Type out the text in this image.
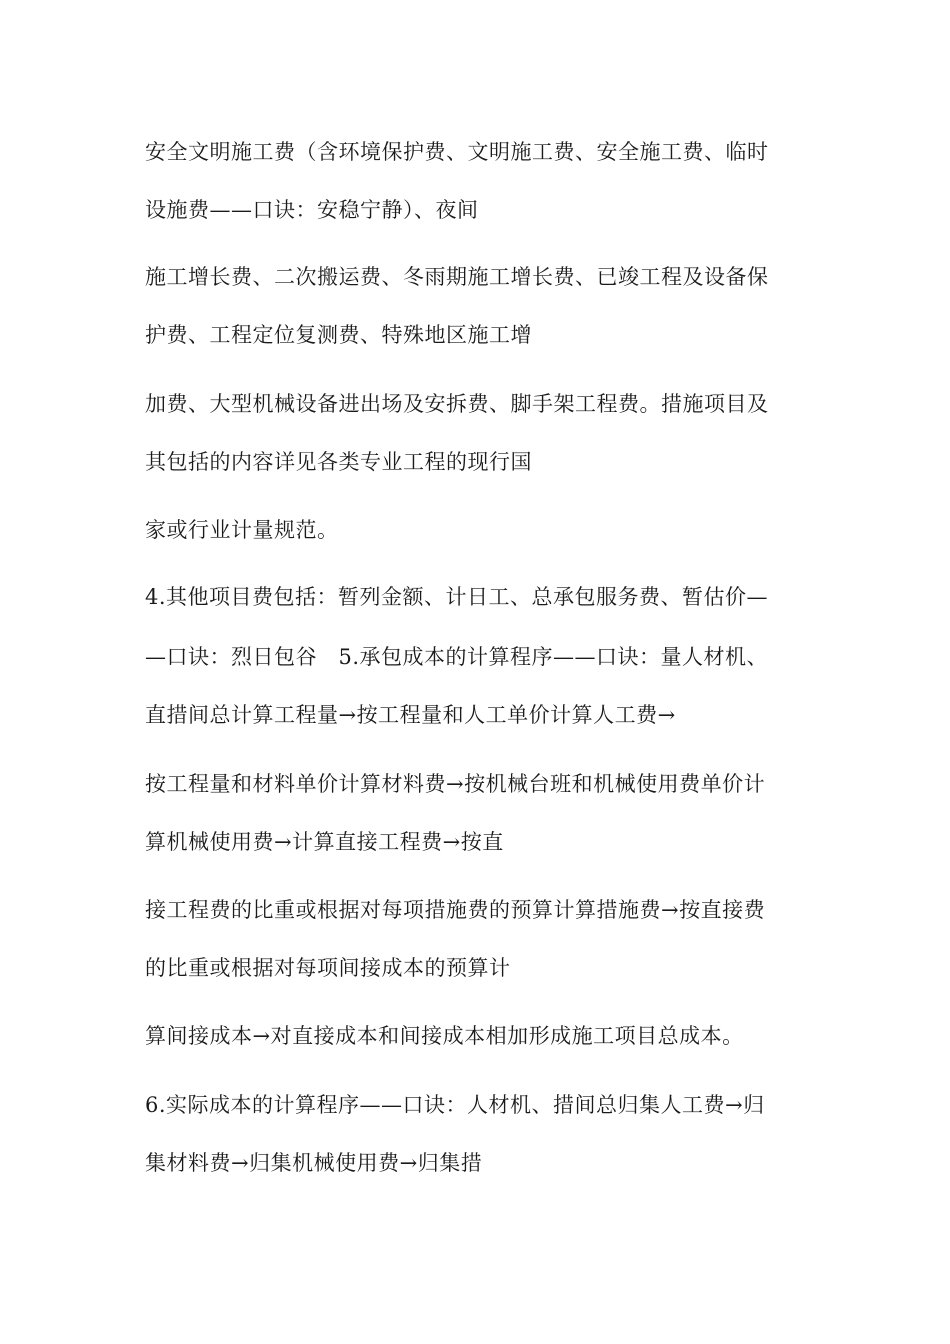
安全文明施工费（含环境保护费、文明施工费、安全施工费、临时
设施费——口诀：安稳宁静）、夜间
施工增长费、二次搬运费、冬雨期施工增长费、已竣工程及设备保
护费、工程定位复测费、特殊地区施工增
加费、大型机械设备进出场及安拆费、脚手架工程费。措施项目及
其包括的内容详见各类专业工程的现行国
家或行业计量规范。
4.其他项目费包括：暂列金额、计日工、总承包服务费、暂估价—
—口诀：烈日包谷　5.承包成本的计算程序——口诀：量人材机、
直措间总计算工程量→按工程量和人工单价计算人工费→
按工程量和材料单价计算材料费→按机械台班和机械使用费单价计
算机械使用费→计算直接工程费→按直
接工程费的比重或根据对每项措施费的预算计算措施费→按直接费
的比重或根据对每项间接成本的预算计
算间接成本→对直接成本和间接成本相加形成施工项目总成本。
6.实际成本的计算程序——口诀：人材机、措间总归集人工费→归
集材料费→归集机械使用费→归集措
